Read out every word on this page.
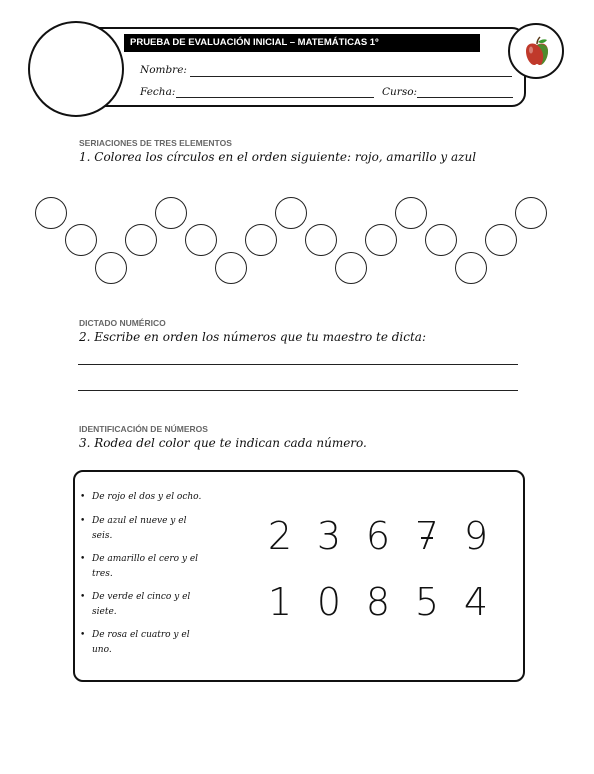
PRUEBA DE EVALUACIÓN INICIAL – MATEMÁTICAS 1º
Nombre:
Fecha:	Curso:
SERIACIONES DE TRES ELEMENTOS
1. Colorea los círculos en el orden siguiente: rojo, amarillo y azul
DICTADO NUMÉRICO
2. Escribe en orden los números que tu maestro te dicta:
IDENTIFICACIÓN DE NÚMEROS
3. Rodea del color que te indican cada número.
• De rojo el dos y el ocho.
• De azul el nueve y el
seis.
• De amarillo el cero y el
tres.
• De verde el cinco y el
siete.
• De rosa el cuatro y el
uno.
2 3 6 7 9
1 0 8 5 4
